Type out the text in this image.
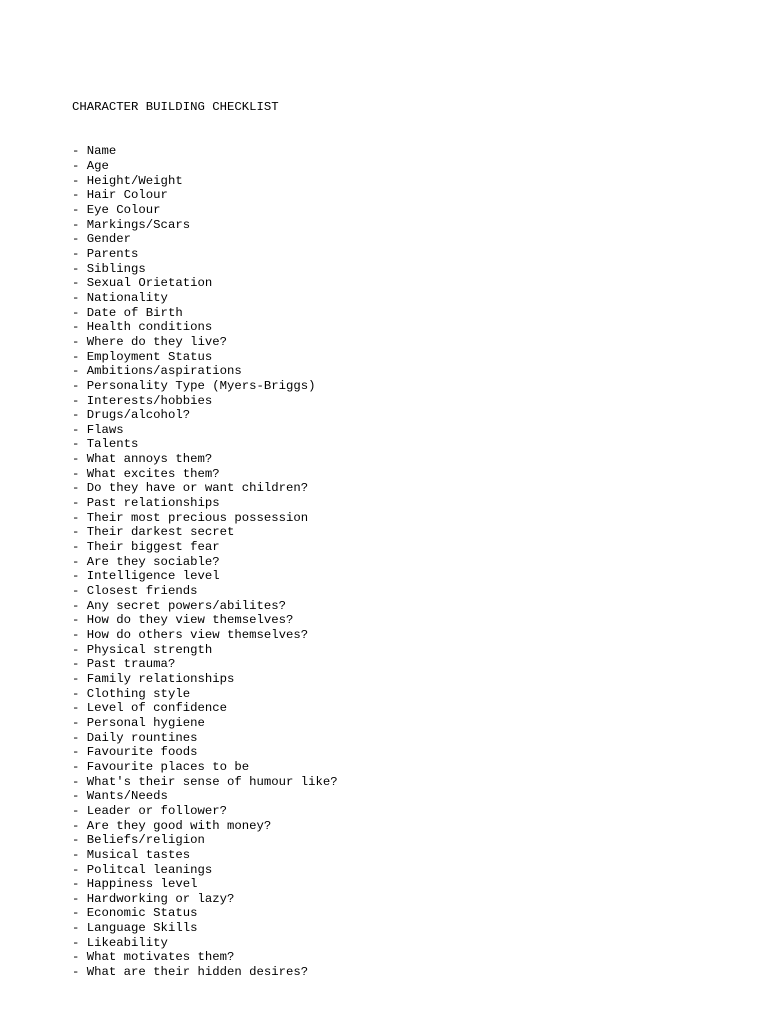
CHARACTER BUILDING CHECKLIST

- Name
- Age
- Height/Weight
- Hair Colour
- Eye Colour
- Markings/Scars
- Gender
- Parents
- Siblings
- Sexual Orietation
- Nationality
- Date of Birth
- Health conditions
- Where do they live?
- Employment Status
- Ambitions/aspirations
- Personality Type (Myers-Briggs)
- Interests/hobbies
- Drugs/alcohol?
- Flaws
- Talents
- What annoys them?
- What excites them?
- Do they have or want children?
- Past relationships
- Their most precious possession
- Their darkest secret
- Their biggest fear
- Are they sociable?
- Intelligence level
- Closest friends
- Any secret powers/abilites?
- How do they view themselves?
- How do others view themselves?
- Physical strength
- Past trauma?
- Family relationships
- Clothing style
- Level of confidence
- Personal hygiene
- Daily rountines
- Favourite foods
- Favourite places to be
- What's their sense of humour like?
- Wants/Needs
- Leader or follower?
- Are they good with money?
- Beliefs/religion
- Musical tastes
- Politcal leanings
- Happiness level
- Hardworking or lazy?
- Economic Status
- Language Skills
- Likeability
- What motivates them?
- What are their hidden desires?
